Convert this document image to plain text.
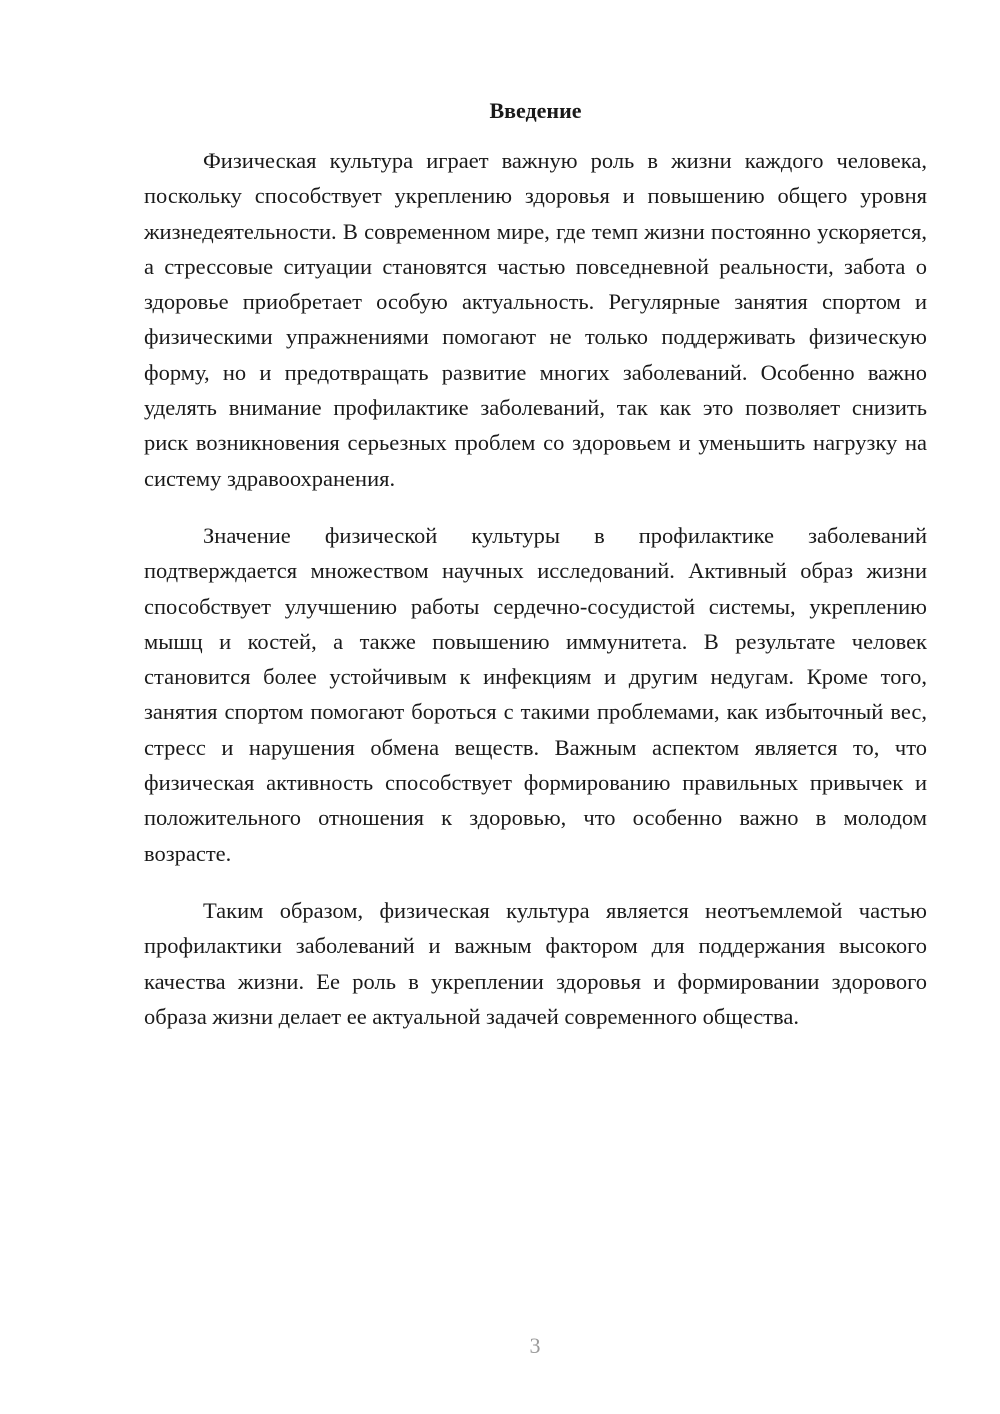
Введение

Физическая культура играет важную роль в жизни каждого человека, поскольку способствует укреплению здоровья и повышению общего уровня жизнедеятельности. В современном мире, где темп жизни постоянно ускоряется, а стрессовые ситуации становятся частью повседневной реальности, забота о здоровье приобретает особую актуальность. Регулярные занятия спортом и физическими упражнениями помогают не только поддерживать физическую форму, но и предотвращать развитие многих заболеваний. Особенно важно уделять внимание профилактике заболеваний, так как это позволяет снизить риск возникновения серьезных проблем со здоровьем и уменьшить нагрузку на систему здравоохранения.

Значение физической культуры в профилактике заболеваний подтверждается множеством научных исследований. Активный образ жизни способствует улучшению работы сердечно-сосудистой системы, укреплению мышц и костей, а также повышению иммунитета. В результате человек становится более устойчивым к инфекциям и другим недугам. Кроме того, занятия спортом помогают бороться с такими проблемами, как избыточный вес, стресс и нарушения обмена веществ. Важным аспектом является то, что физическая активность способствует формированию правильных привычек и положительного отношения к здоровью, что особенно важно в молодом возрасте.

Таким образом, физическая культура является неотъемлемой частью профилактики заболеваний и важным фактором для поддержания высокого качества жизни. Ее роль в укреплении здоровья и формировании здорового образа жизни делает ее актуальной задачей современного общества.

3
